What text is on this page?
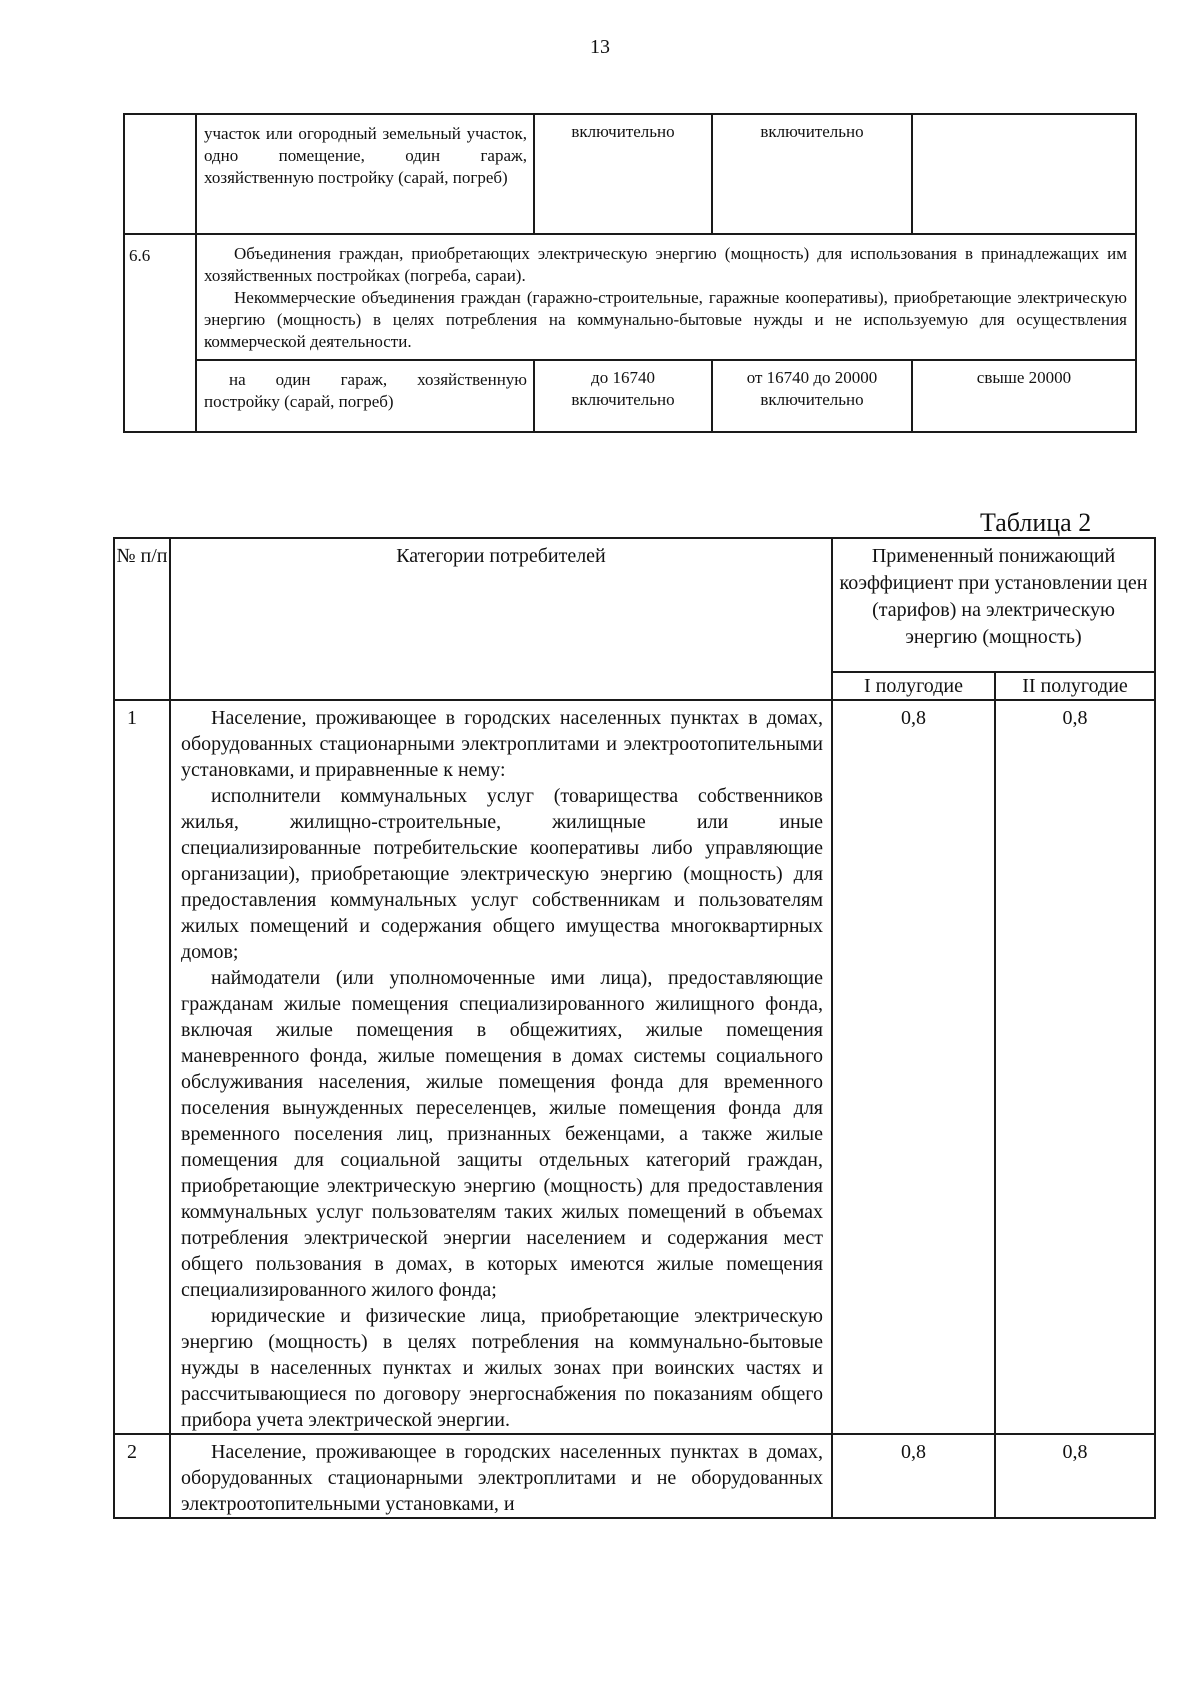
13
	участок или огородный земельный участок, одно помещение, один гараж, хозяйственную постройку (сарай, погреб)	включительно	включительно	
6.6	Объединения граждан, приобретающих электрическую энергию (мощность) для использования в принадлежащих им хозяйственных постройках (погреба, сараи).

Некоммерческие объединения граждан (гаражно-строительные, гаражные кооперативы), приобретающие электрическую энергию (мощность) в целях потребления на коммунально-бытовые нужды и не используемую для осуществления коммерческой деятельности.			

	на один гараж, хозяйственную постройку (сарай, погреб)	до 16740 включительно	от 16740 до 20000 включительно	свыше 20000
Таблица 2
№ п/п	Категории потребителей	Примененный понижающий коэффициент при установлении цен (тарифов) на электрическую энергию (мощность)	
		I полугодие	II полугодие
1	Население, проживающее в городских населенных пунктах в домах, оборудованных стационарными электроплитами и электроотопительными установками, и приравненные к нему:

исполнители коммунальных услуг (товарищества собственников жилья, жилищно-строительные, жилищные или иные специализированные потребительские кооперативы либо управляющие организации), приобретающие электрическую энергию (мощность) для предоставления коммунальных услуг собственникам и пользователям жилых помещений и содержания общего имущества многоквартирных домов;

наймодатели (или уполномоченные ими лица), предоставляющие гражданам жилые помещения специализированного жилищного фонда, включая жилые помещения в общежитиях, жилые помещения маневренного фонда, жилые помещения в домах системы социального обслуживания населения, жилые помещения фонда для временного поселения вынужденных переселенцев, жилые помещения фонда для временного поселения лиц, признанных беженцами, а также жилые помещения для социальной защиты отдельных категорий граждан, приобретающие электрическую энергию (мощность) для предоставления коммунальных услуг пользователям таких жилых помещений в объемах потребления электрической энергии населением и содержания мест общего пользования в домах, в которых имеются жилые помещения специализированного жилого фонда;

юридические и физические лица, приобретающие электрическую энергию (мощность) в целях потребления на коммунально-бытовые нужды в населенных пунктах и жилых зонах при воинских частях и рассчитывающиеся по договору энергоснабжения по показаниям общего прибора учета электрической энергии.	0,8	0,8
2	Население, проживающее в городских населенных пунктах в домах, оборудованных стационарными электроплитами и не оборудованных электроотопительными установками, и	0,8	0,8
